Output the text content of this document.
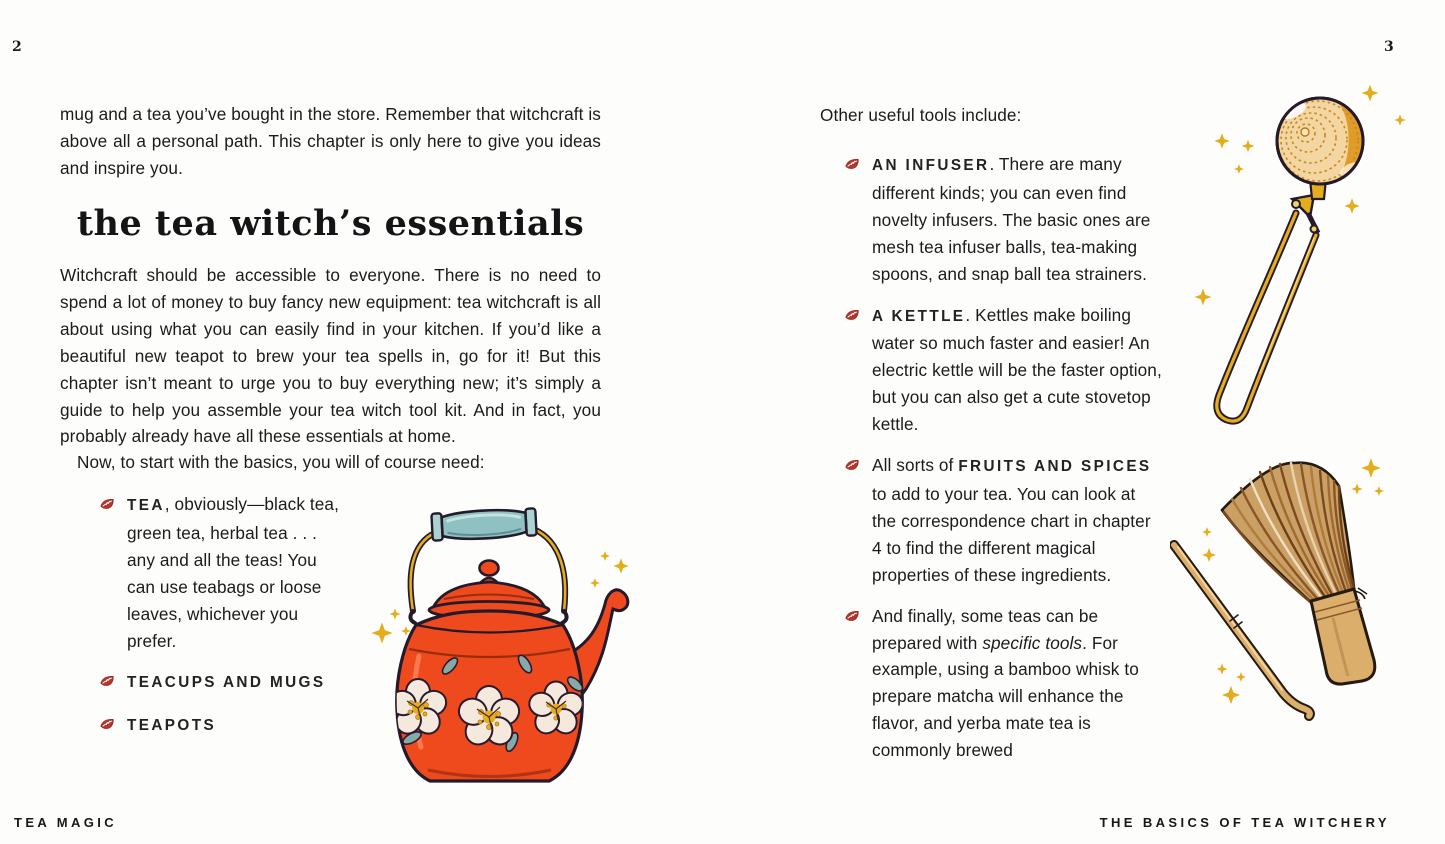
2
mug and a tea you’ve bought in the store. Remember that witchcraft is above all a personal path. This chapter is only here to give you ideas and inspire you.
the tea witch’s essentials
Witchcraft should be accessible to everyone. There is no need to spend a lot of money to buy fancy new equipment: tea witchcraft is all about using what you can easily find in your kitchen. If you’d like a beautiful new teapot to brew your tea spells in, go for it! But this chapter isn’t meant to urge you to buy everything new; it’s simply a guide to help you assemble your tea witch tool kit. And in fact, you probably already have all these essentials at home.
Now, to start with the basics, you will of course need:
TEA, obviously—black tea, green tea, herbal tea . . . any and all the teas! You can use teabags or loose leaves, whichever you prefer.
TEACUPS AND MUGS
TEAPOTS
TEA MAGIC
3
Other useful tools include:
AN INFUSER. There are many different kinds; you can even find novelty infusers. The basic ones are mesh tea infuser balls, tea-making spoons, and snap ball tea strainers.
A KETTLE. Kettles make boiling water so much faster and easier! An electric kettle will be the faster option, but you can also get a cute stovetop kettle.
All sorts of FRUITS AND SPICES to add to your tea. You can look at the correspondence chart in chapter 4 to find the different magical properties of these ingredients.
And finally, some teas can be prepared with specific tools. For example, using a bamboo whisk to prepare matcha will enhance the flavor, and yerba mate tea is commonly brewed
THE BASICS OF TEA WITCHERY
